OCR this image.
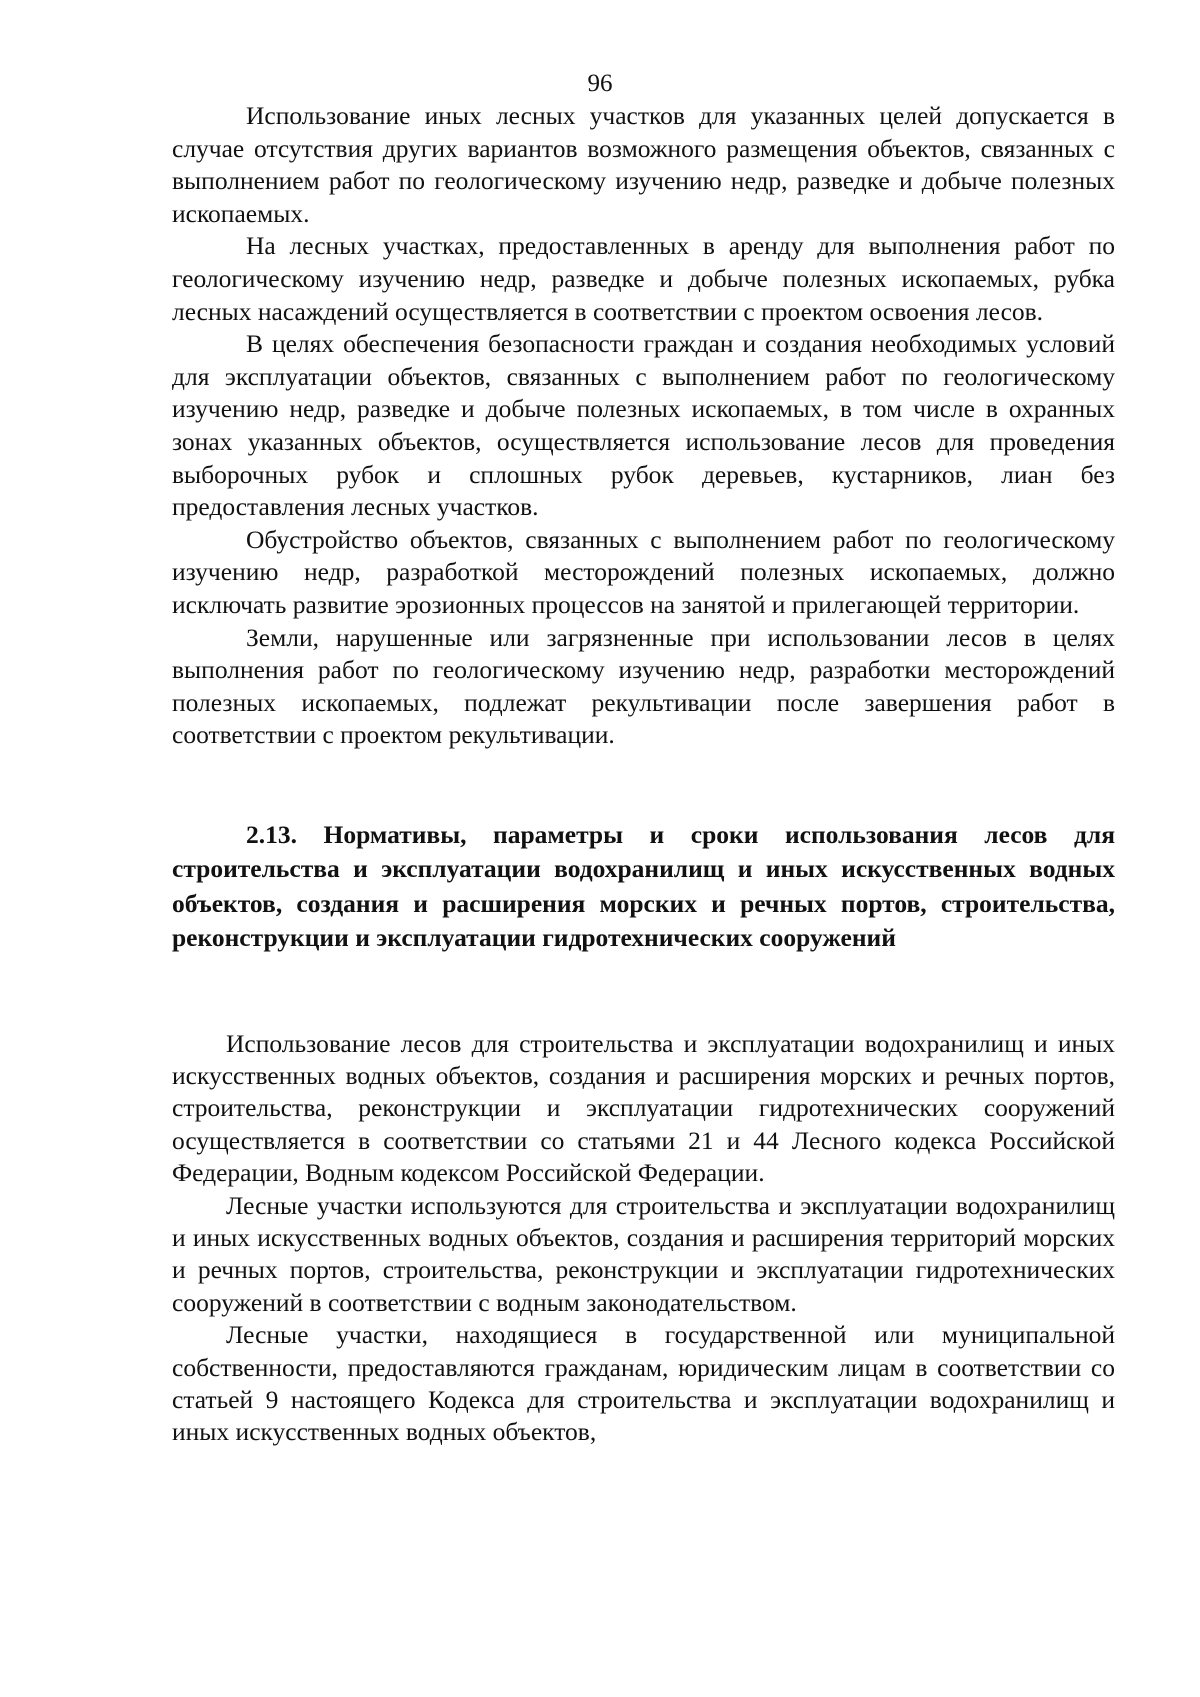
96

Использование иных лесных участков для указанных целей допускается в случае отсутствия других вариантов возможного размещения объектов, связанных с выполнением работ по геологическому изучению недр, разведке и добыче полезных ископаемых.

На лесных участках, предоставленных в аренду для выполнения работ по геологическому изучению недр, разведке и добыче полезных ископаемых, рубка лесных насаждений осуществляется в соответствии с проектом освоения лесов.

В целях обеспечения безопасности граждан и создания необходимых условий для эксплуатации объектов, связанных с выполнением работ по геологическому изучению недр, разведке и добыче полезных ископаемых, в том числе в охранных зонах указанных объектов, осуществляется использование лесов для проведения выборочных рубок и сплошных рубок деревьев, кустарников, лиан без предоставления лесных участков.

Обустройство объектов, связанных с выполнением работ по геологическому изучению недр, разработкой месторождений полезных ископаемых, должно исключать развитие эрозионных процессов на занятой и прилегающей территории.

Земли, нарушенные или загрязненные при использовании лесов в целях выполнения работ по геологическому изучению недр, разработки месторождений полезных ископаемых, подлежат рекультивации после завершения работ в соответствии с проектом рекультивации.

2.13. Нормативы, параметры и сроки использования лесов для строительства и эксплуатации водохранилищ и иных искусственных водных объектов, создания и расширения морских и речных портов, строительства, реконструкции и эксплуатации гидротехнических сооружений

Использование лесов для строительства и эксплуатации водохранилищ и иных искусственных водных объектов, создания и расширения морских и речных портов, строительства, реконструкции и эксплуатации гидротехнических сооружений осуществляется в соответствии со статьями 21 и 44 Лесного кодекса Российской Федерации, Водным кодексом Российской Федерации.

Лесные участки используются для строительства и эксплуатации водохранилищ и иных искусственных водных объектов, создания и расширения территорий морских и речных портов, строительства, реконструкции и эксплуатации гидротехнических сооружений в соответствии с водным законодательством.

Лесные участки, находящиеся в государственной или муниципальной собственности, предоставляются гражданам, юридическим лицам в соответствии со статьей 9 настоящего Кодекса для строительства и эксплуатации водохранилищ и иных искусственных водных объектов,
